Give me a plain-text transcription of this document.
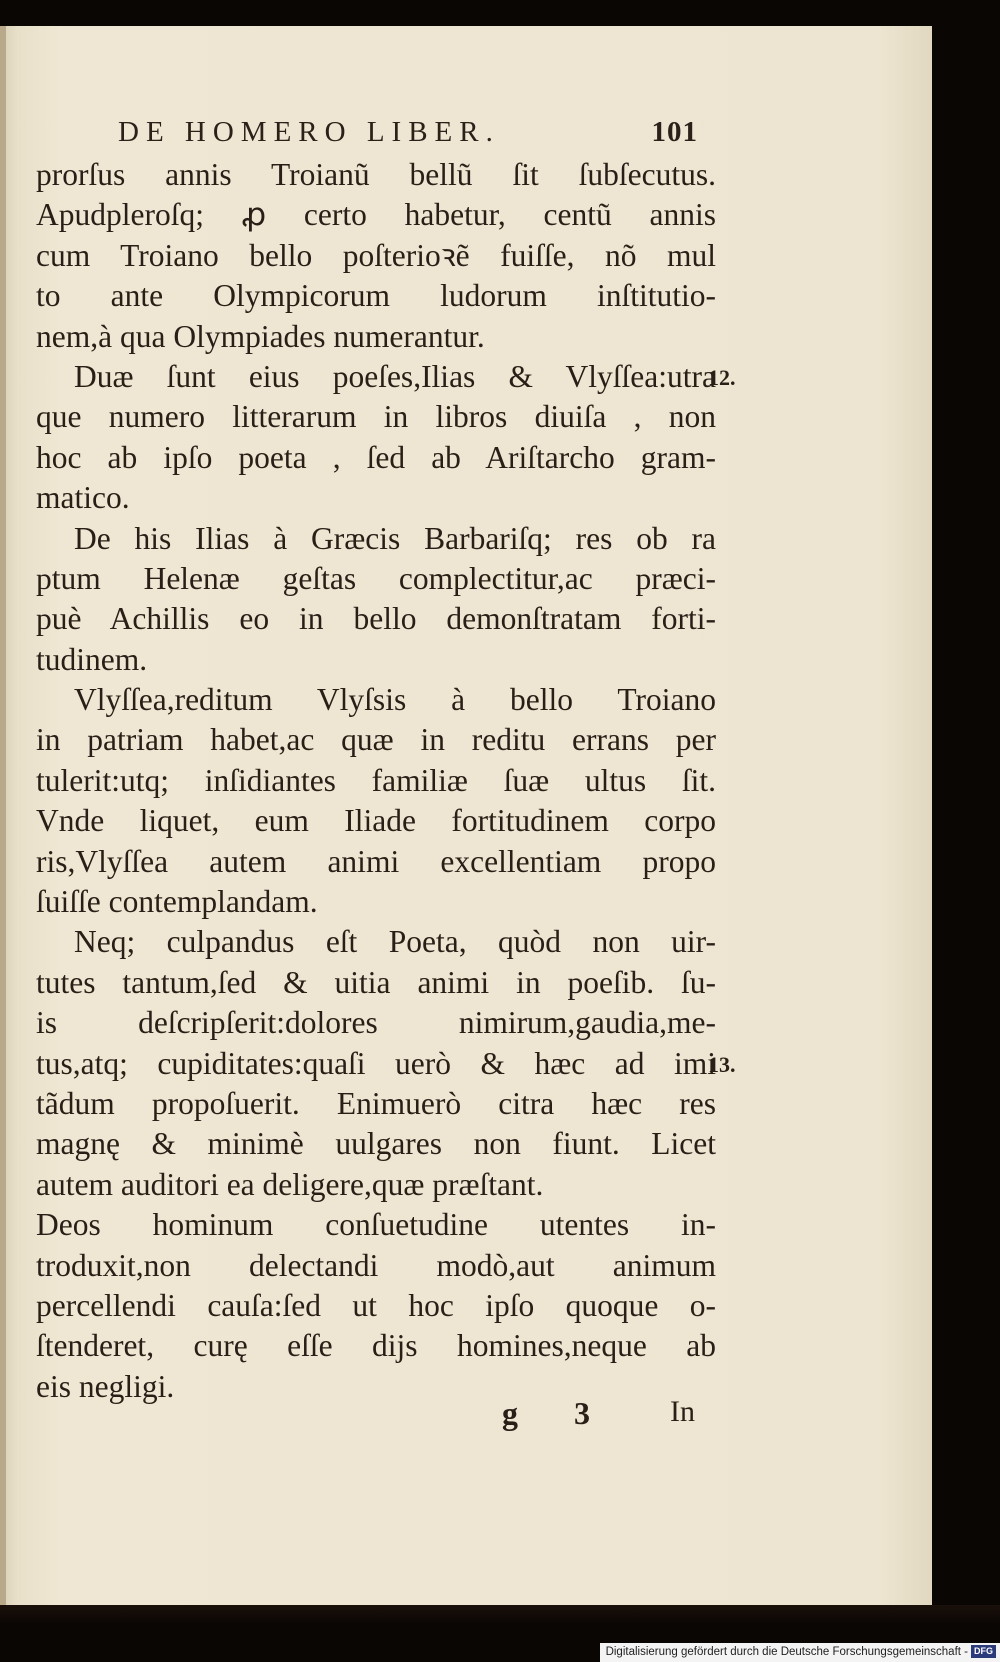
DE HOMERO LIBER.	101
prorſus annis Troianũ bellũ ſit ſubſecutus.
Apudpleroſq; ꝓ certo habetur, centũ annis
cum Troiano bello poſterioꝛẽ fuiſſe, nõ mul
to ante Olympicorum ludorum inſtitutio-
nem,à qua Olympiades numerantur.
Duæ ſunt eius poeſes,Ilias & Vlyſſea:utra
que numero litterarum in libros diuiſa , non
hoc ab ipſo poeta , ſed ab Ariſtarcho gram-
matico.
De his Ilias à Græcis Barbariſq; res ob ra
ptum Helenæ geſtas complectitur,ac præci-
puè Achillis eo in bello demonſtratam forti-
tudinem.
Vlyſſea,reditum Vlyſsis à bello Troiano
in patriam habet,ac quæ in reditu errans per
tulerit:utq; inſidiantes familiæ ſuæ ultus ſit.
Vnde liquet, eum Iliade fortitudinem corpo
ris,Vlyſſea autem animi excellentiam propo
ſuiſſe contemplandam.
Neq; culpandus eſt Poeta, quòd non uir-
tutes tantum,ſed & uitia animi in poeſib. ſu-
is deſcripſerit:dolores nimirum,gaudia,me-
tus,atq; cupiditates:quaſi uerò & hæc ad imi
tãdum propoſuerit. Enimuerò citra hæc res
magnę & minimè uulgares non fiunt. Licet
autem auditori ea deligere,quæ præſtant.
Deos hominum conſuetudine utentes in-
troduxit,non delectandi modò,aut animum
percellendi cauſa:ſed ut hoc ipſo quoque o-
ſtenderet, curę eſſe dijs homines,neque ab
eis negligi.
12.
13.
g 3 In
Digitalisierung gefördert durch die Deutsche Forschungsgemeinschaft - DFG
